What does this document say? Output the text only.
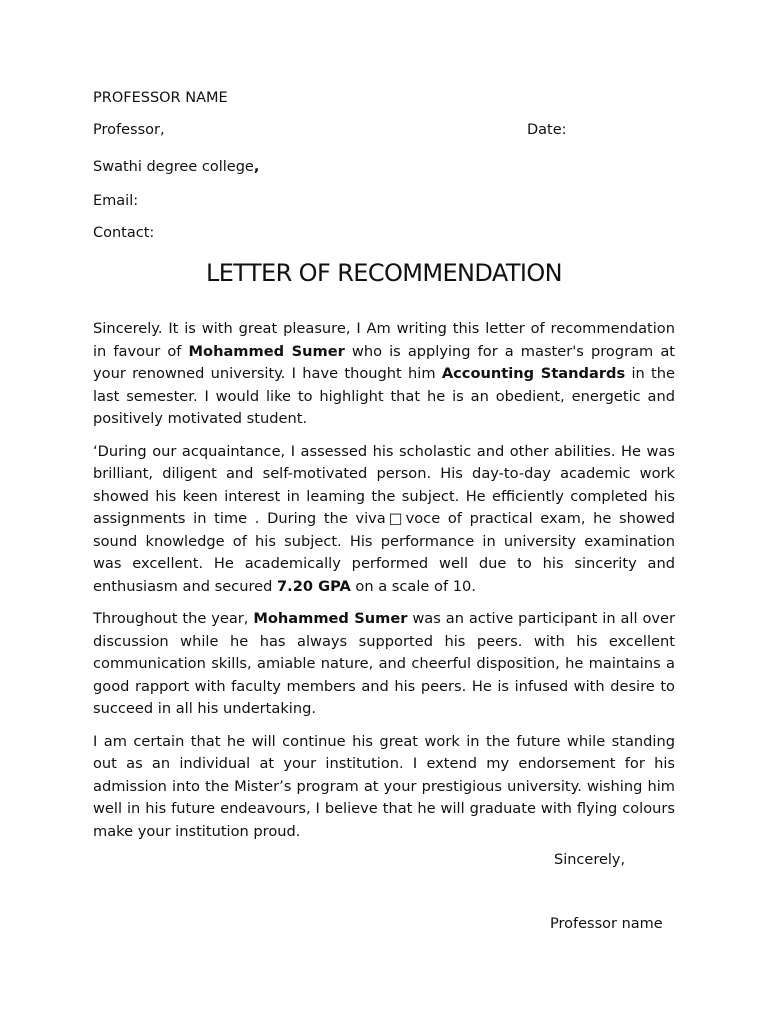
PROFESSOR NAME
Professor,	Date:
Swathi degree college,
Email:
Contact:
LETTER OF RECOMMENDATION

Sincerely. It is with great pleasure, I Am writing this letter of recommendation in favour of Mohammed Sumer who is applying for a master's program at your renowned university. I have thought him Accounting Standards in the last semester. I would like to highlight that he is an obedient, energetic and positively motivated student.

‘During our acquaintance, I assessed his scholastic and other abilities. He was brilliant, diligent and self-motivated person. His day-to-day academic work showed his keen interest in leaming the subject. He efficiently completed his assignments in time . During the viva□voce of practical exam, he showed sound knowledge of his subject. His performance in university examination was excellent. He academically performed well due to his sincerity and enthusiasm and secured 7.20 GPA on a scale of 10.

Throughout the year, Mohammed Sumer was an active participant in all over discussion while he has always supported his peers. with his excellent communication skills, amiable nature, and cheerful disposition, he maintains a good rapport with faculty members and his peers. He is infused with desire to succeed in all his undertaking.

I am certain that he will continue his great work in the future while standing out as an individual at your institution. I extend my endorsement for his admission into the Mister’s program at your prestigious university. wishing him well in his future endeavours, I believe that he will graduate with flying colours make your institution proud.

Sincerely,
Professor name
